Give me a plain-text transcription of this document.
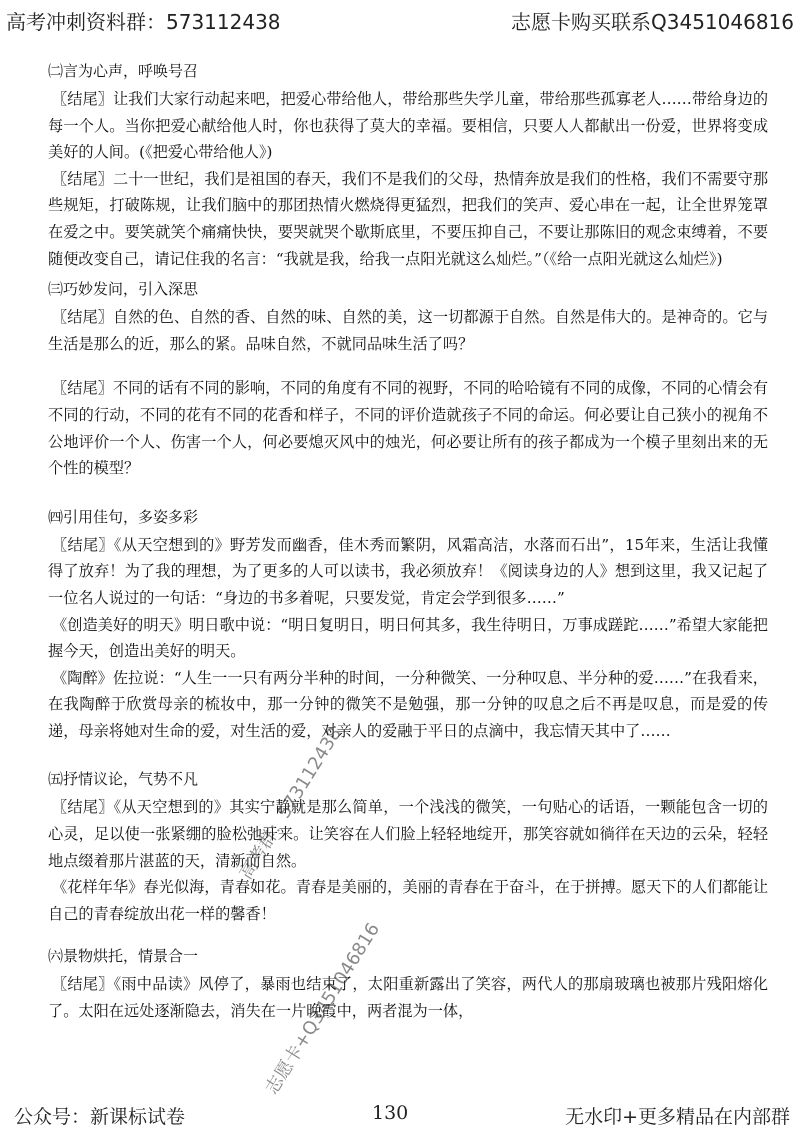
高考冲刺资料群：573112438	志愿卡购买联系Q3451046816
㈡言为心声，呼唤号召

〖结尾〗让我们大家行动起来吧，把爱心带给他人，带给那些失学儿童，带给那些孤寡老人……带给身边的每一个人。当你把爱心献给他人时，你也获得了莫大的幸福。要相信，只要人人都献出一份爱，世界将变成美好的人间。(《把爱心带给他人》)

〖结尾〗二十一世纪，我们是祖国的春天，我们不是我们的父母，热情奔放是我们的性格，我们不需要守那些规矩，打破陈规，让我们脑中的那团热情火燃烧得更猛烈，把我们的笑声、爱心串在一起，让全世界笼罩在爱之中。要笑就笑个痛痛快快，要哭就哭个歇斯底里，不要压抑自己，不要让那陈旧的观念束缚着，不要随便改变自己，请记住我的名言：“我就是我，给我一点阳光就这么灿烂。”（《给一点阳光就这么灿烂》)

㈢巧妙发问，引入深思

〖结尾〗自然的色、自然的香、自然的味、自然的美，这一切都源于自然。自然是伟大的。是神奇的。它与生活是那么的近，那么的紧。品味自然，不就同品味生活了吗？

〖结尾〗不同的话有不同的影响，不同的角度有不同的视野，不同的哈哈镜有不同的成像，不同的心情会有不同的行动，不同的花有不同的花香和样子，不同的评价造就孩子不同的命运。何必要让自己狭小的视角不公地评价一个人、伤害一个人，何必要熄灭风中的烛光，何必要让所有的孩子都成为一个模子里刻出来的无个性的模型？

㈣引用佳句，多姿多彩

〖结尾〗《从天空想到的》野芳发而幽香，佳木秀而繁阴，风霜高洁，水落而石出”，15年来，生活让我懂得了放弃！为了我的理想，为了更多的人可以读书，我必须放弃！《阅读身边的人》想到这里，我又记起了一位名人说过的一句话：“身边的书多着呢，只要发觉，肯定会学到很多……”

《创造美好的明天》明日歌中说：“明日复明日，明日何其多，我生待明日，万事成蹉跎……”希望大家能把握今天，创造出美好的明天。

《陶醉》佐拉说：“人生一一只有两分半种的时间，一分种微笑、一分种叹息、半分种的爱……”在我看来，在我陶醉于欣赏母亲的梳妆中，那一分钟的微笑不是勉强，那一分钟的叹息之后不再是叹息，而是爱的传递，母亲将她对生命的爱，对生活的爱，对亲人的爱融于平日的点滴中，我忘情天其中了……

㈤抒情议论，气势不凡

〖结尾〗《从天空想到的》其实宁静就是那么简单，一个浅浅的微笑，一句贴心的话语，一颗能包含一切的心灵，足以使一张紧绷的脸松弛开来。让笑容在人们脸上轻轻地绽开，那笑容就如徜徉在天边的云朵，轻轻地点缀着那片湛蓝的天，清新而自然。

《花样年华》春光似海，青春如花。青春是美丽的，美丽的青春在于奋斗，在于拼搏。愿天下的人们都能让自己的青春绽放出花一样的馨香！

㈥景物烘托，情景合一

〖结尾〗《雨中品读》风停了，暴雨也结束了，太阳重新露出了笑容，两代人的那扇玻璃也被那片残阳熔化了。太阳在远处逐渐隐去，消失在一片晚霞中，两者混为一体，

高考群：573112438
志愿卡+Q3451046816
公众号：新课标试卷	130	无水印+更多精品在内部群
